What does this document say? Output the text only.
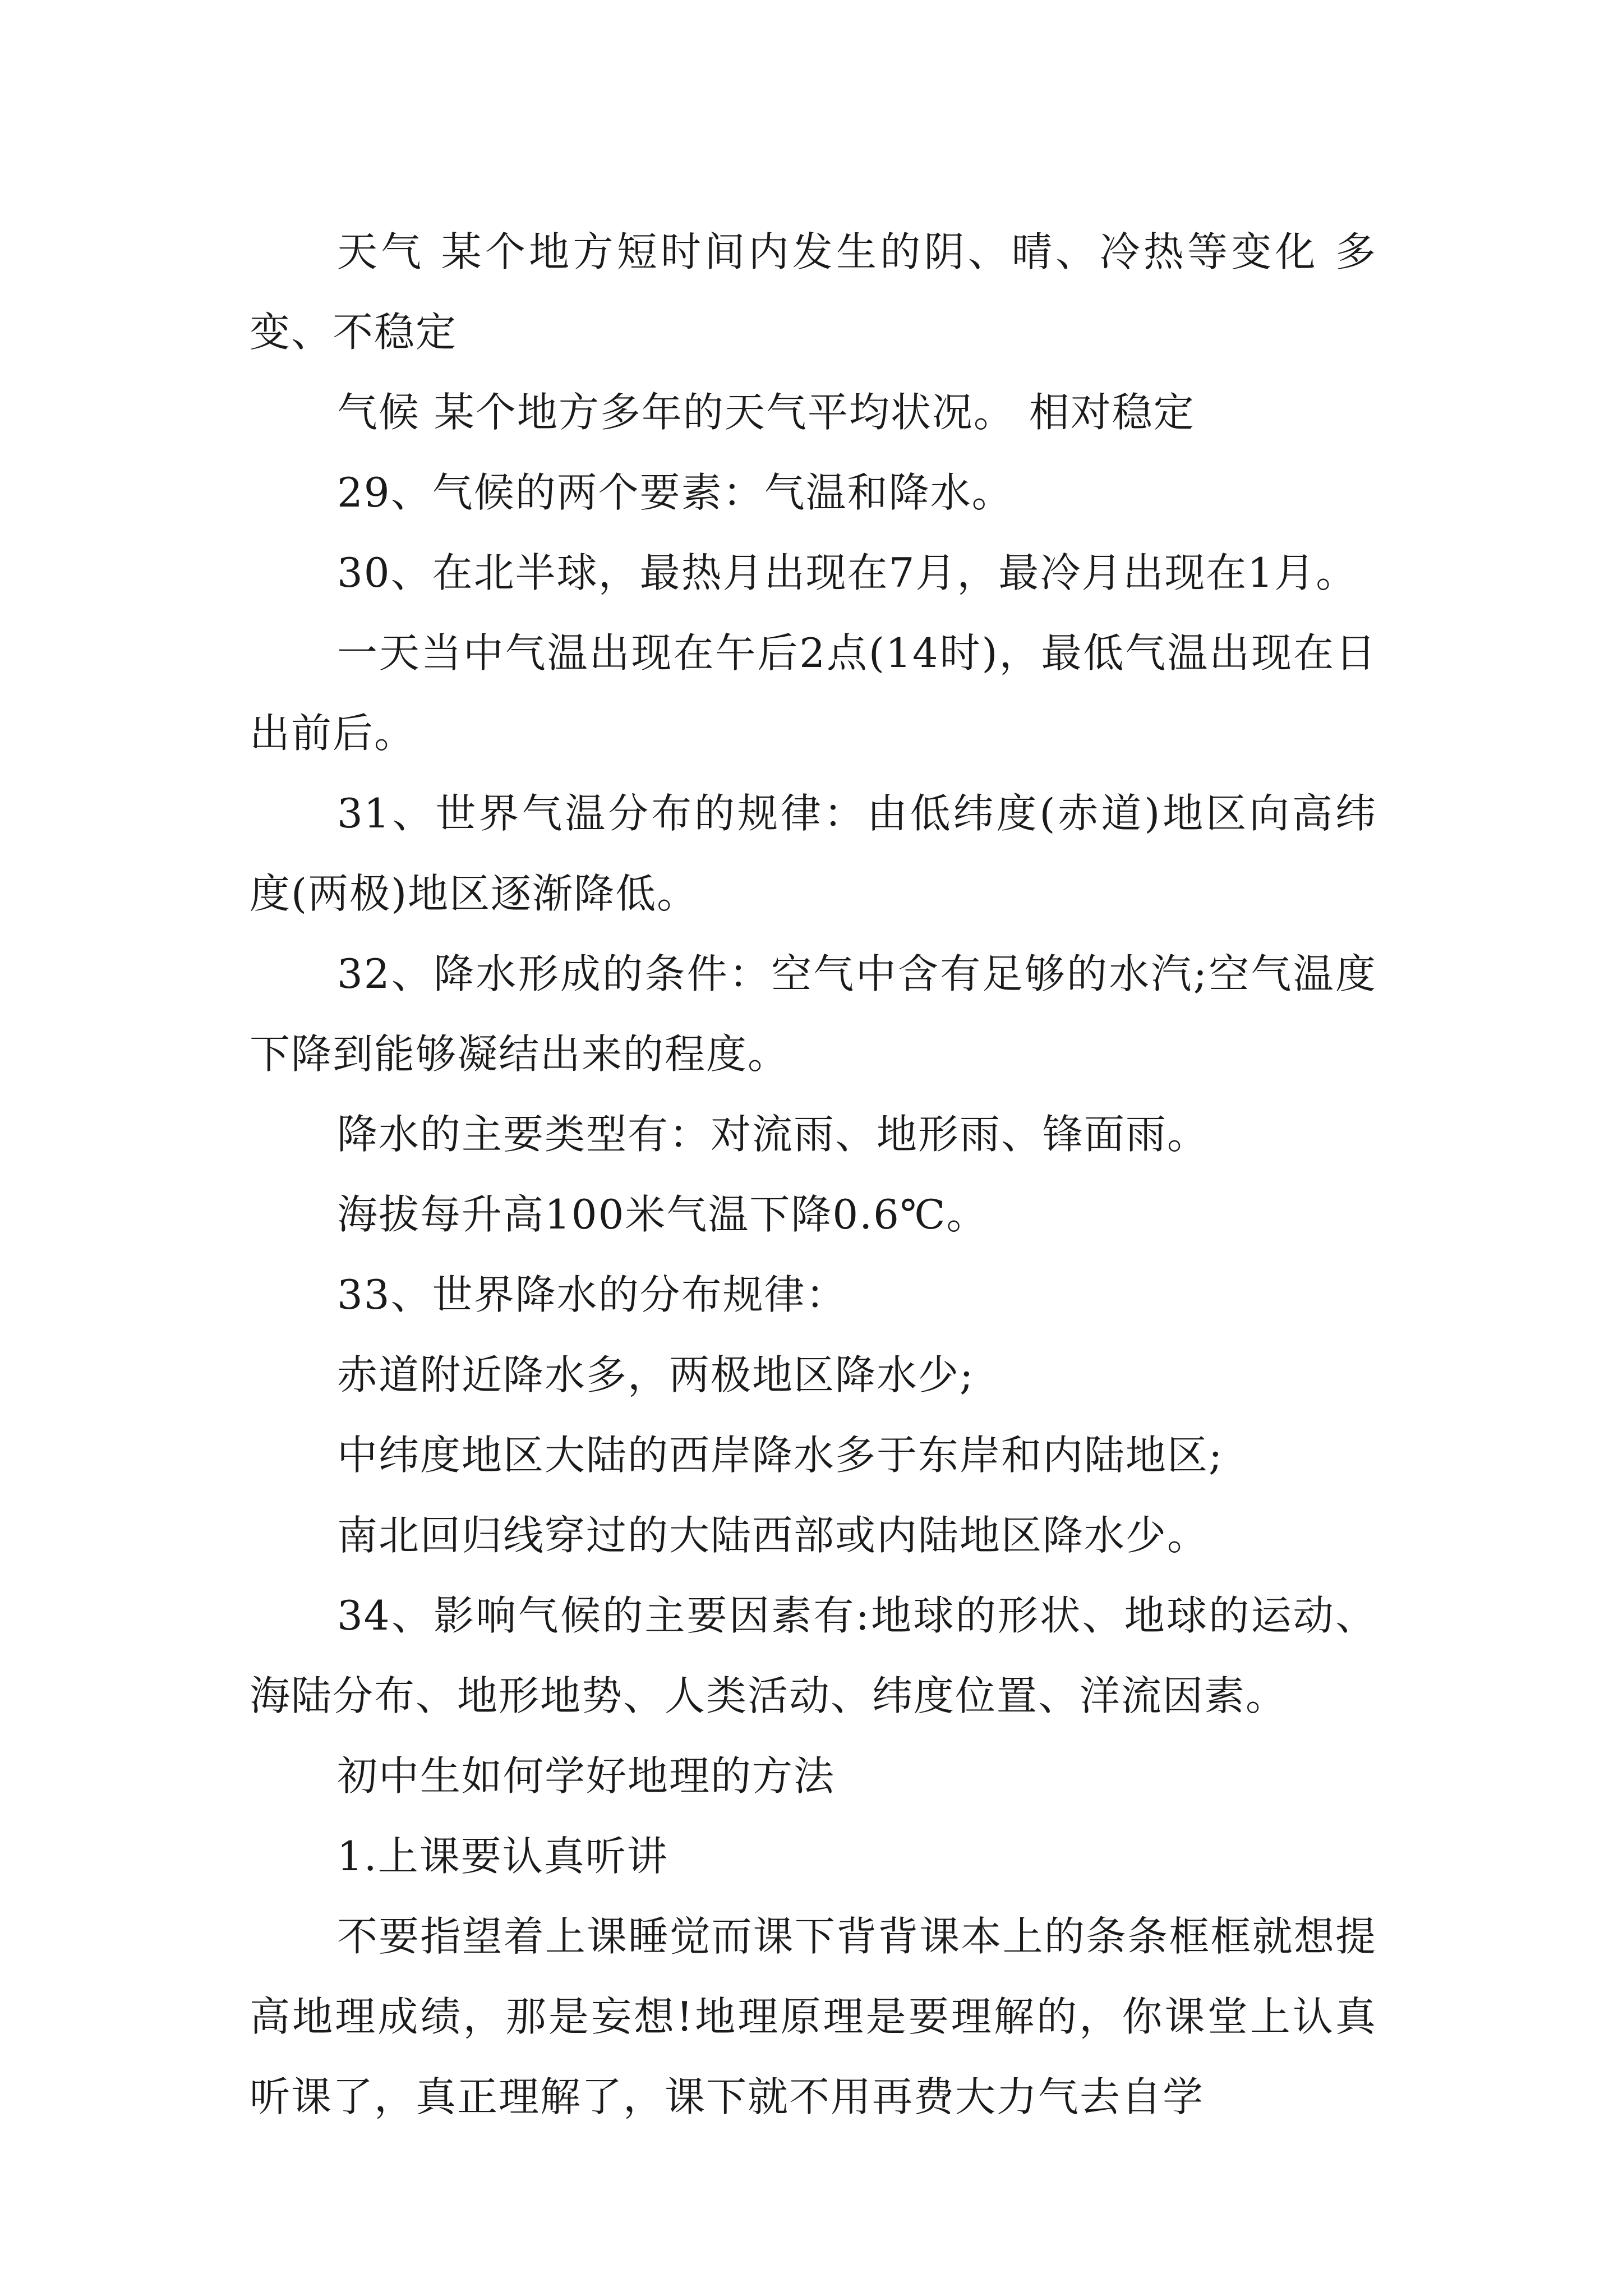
天气 某个地方短时间内发生的阴、晴、冷热等变化 多变、不稳定

气候 某个地方多年的天气平均状况。 相对稳定

29、气候的两个要素：气温和降水。

30、在北半球，最热月出现在7月，最冷月出现在1月。

一天当中气温出现在午后2点(14时)，最低气温出现在日出前后。

31、世界气温分布的规律：由低纬度(赤道)地区向高纬度(两极)地区逐渐降低。

32、降水形成的条件：空气中含有足够的水汽;空气温度下降到能够凝结出来的程度。

降水的主要类型有：对流雨、地形雨、锋面雨。

海拔每升高100米气温下降0.6℃。

33、世界降水的分布规律：

赤道附近降水多，两极地区降水少;

中纬度地区大陆的西岸降水多于东岸和内陆地区;

南北回归线穿过的大陆西部或内陆地区降水少。

34、影响气候的主要因素有:地球的形状、地球的运动、海陆分布、地形地势、人类活动、纬度位置、洋流因素。

初中生如何学好地理的方法

1.上课要认真听讲

不要指望着上课睡觉而课下背背课本上的条条框框就想提高地理成绩，那是妄想!地理原理是要理解的，你课堂上认真听课了，真正理解了，课下就不用再费大力气去自学
